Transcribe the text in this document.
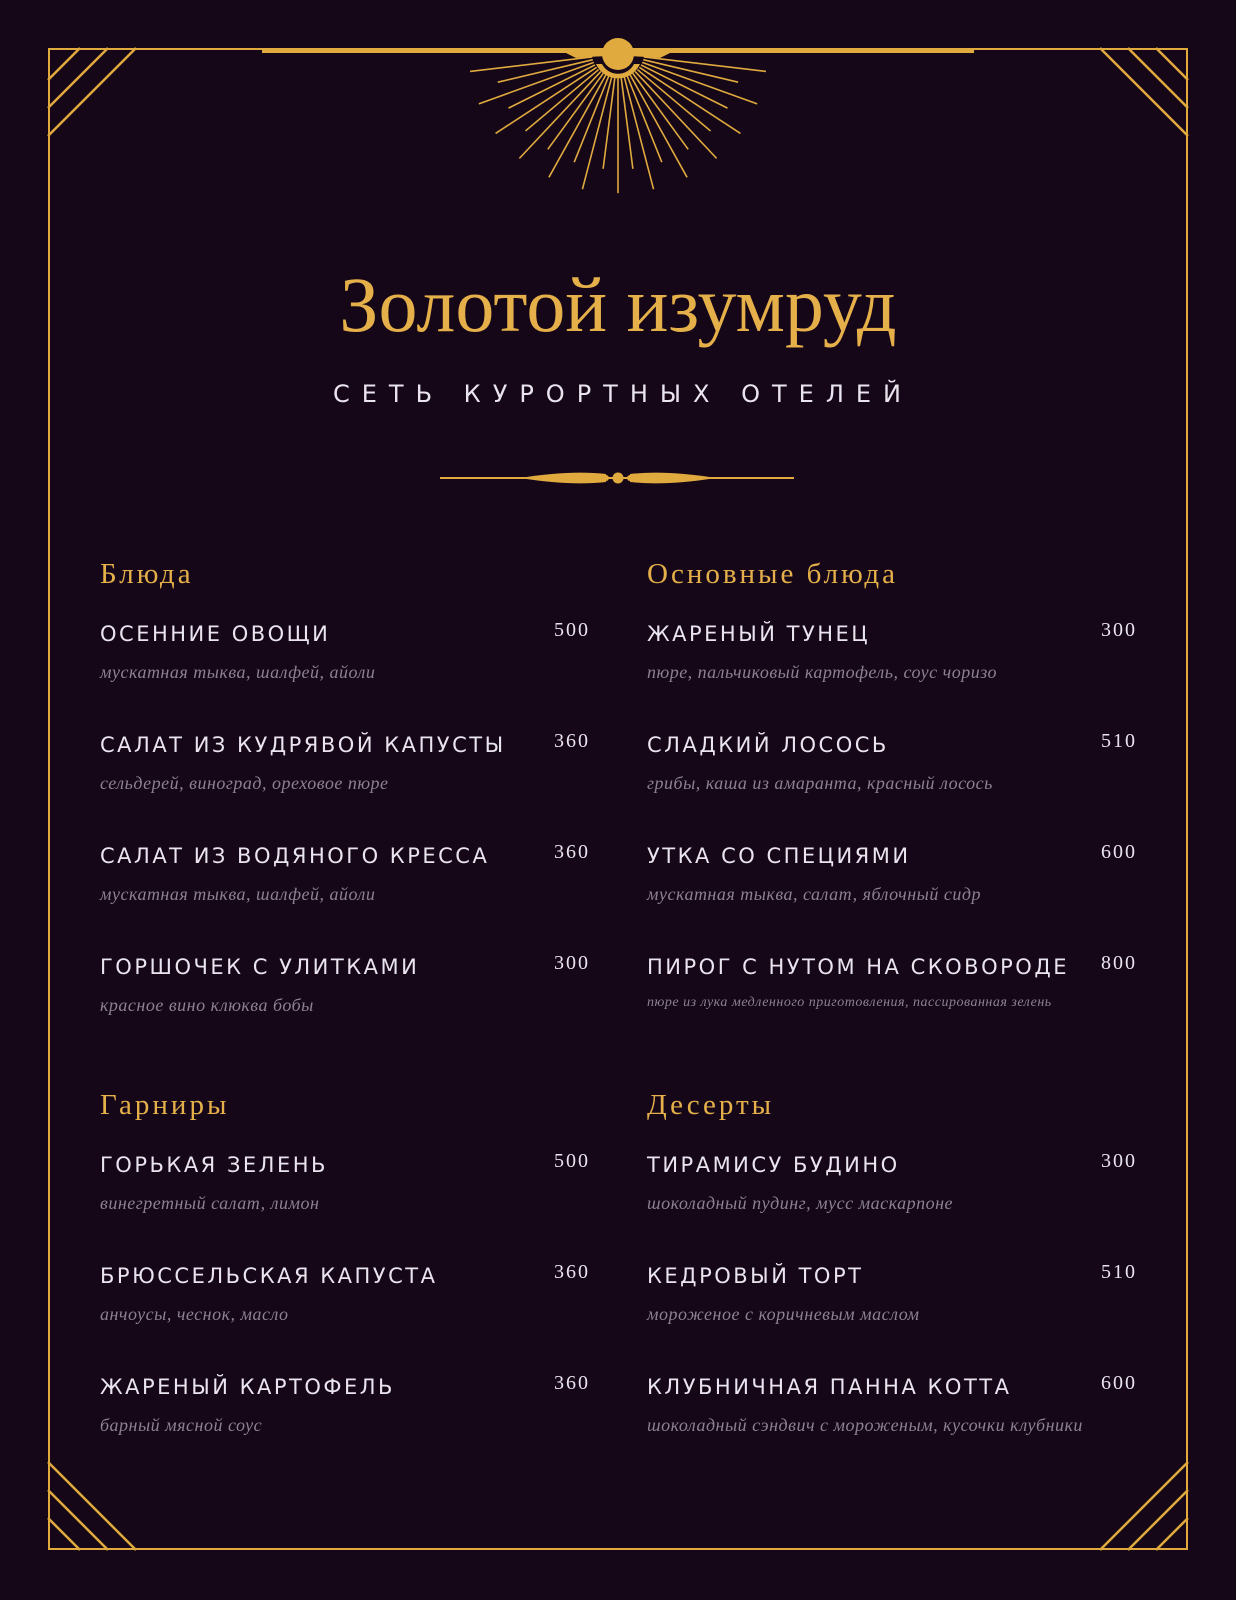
Золотой изумруд
СЕТЬ КУРОРТНЫХ ОТЕЛЕЙ
Блюда
ОСЕННИЕ ОВОЩИ	500
мускатная тыква, шалфей, айоли
САЛАТ ИЗ КУДРЯВОЙ КАПУСТЫ	360
сельдерей, виноград, ореховое пюре
САЛАТ ИЗ ВОДЯНОГО КРЕССА	360
мускатная тыква, шалфей, айоли
ГОРШОЧЕК С УЛИТКАМИ	300
красное вино клюква бобы
Основные блюда
ЖАРЕНЫЙ ТУНЕЦ	300
пюре, пальчиковый картофель, соус чоризо
СЛАДКИЙ ЛОСОСЬ	510
грибы, каша из амаранта, красный лосось
УТКА СО СПЕЦИЯМИ	600
мускатная тыква, салат, яблочный сидр
ПИРОГ С НУТОМ НА СКОВОРОДЕ	800
пюре из лука медленного приготовления, пассированная зелень
Гарниры
ГОРЬКАЯ ЗЕЛЕНЬ	500
винегретный салат, лимон
БРЮССЕЛЬСКАЯ КАПУСТА	360
анчоусы, чеснок, масло
ЖАРЕНЫЙ КАРТОФЕЛЬ	360
барный мясной соус
Десерты
ТИРАМИСУ БУДИНО	300
шоколадный пудинг, мусс маскарпоне
КЕДРОВЫЙ ТОРТ	510
мороженое с коричневым маслом
КЛУБНИЧНАЯ ПАННА КОТТА	600
шоколадный сэндвич с мороженым, кусочки клубники
